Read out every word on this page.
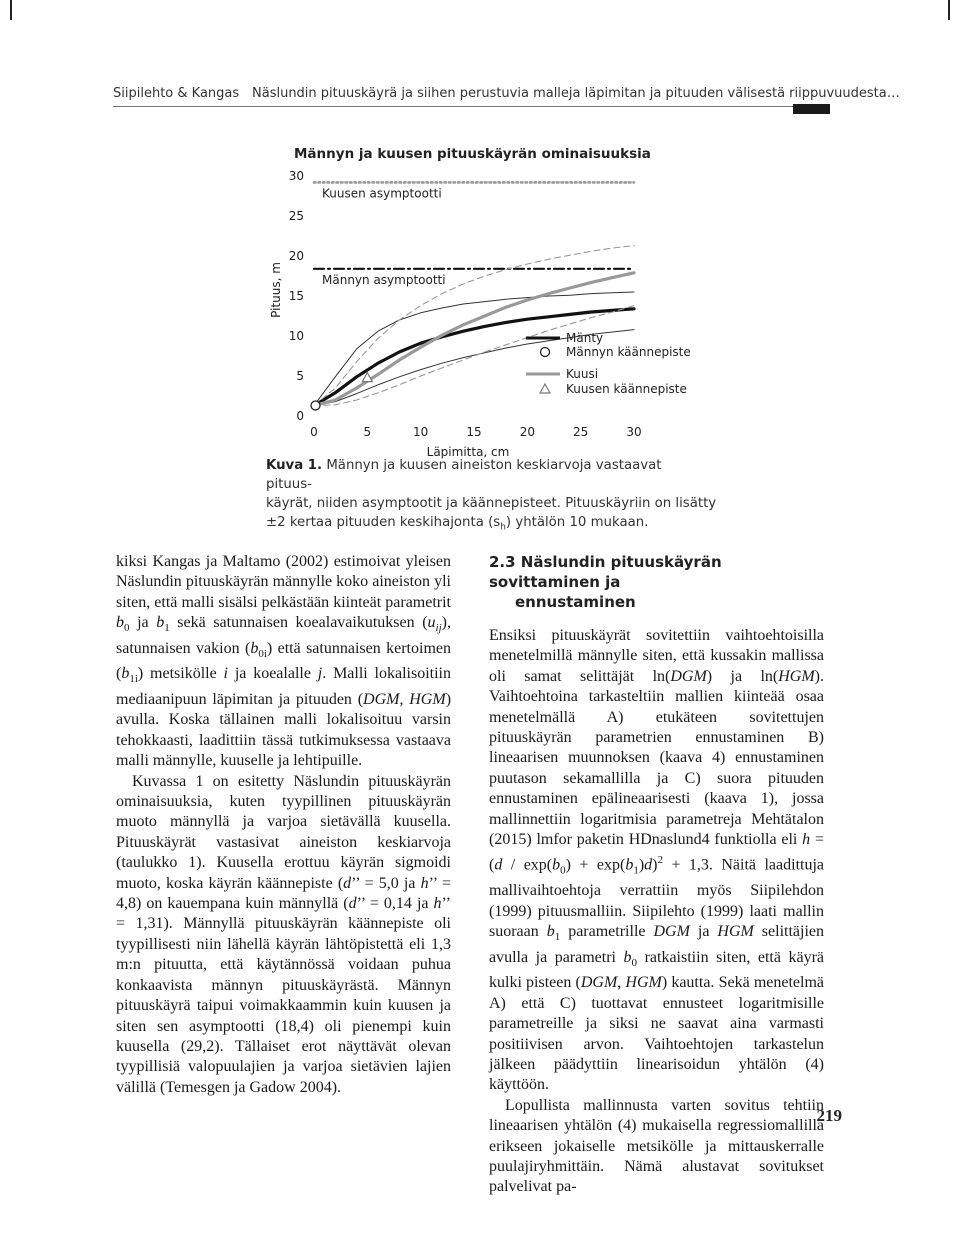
Siipilehto & Kangas Näslundin pituuskäyrä ja siihen perustuvia malleja läpimitan ja pituuden välisestä riippuvuudesta…
Männyn ja kuusen pituuskäyrän ominaisuuksia
0
5
10
15
20
25
30
0	5	10	15	20	25	30
Pituus, m
Läpimitta, cm
Kuusen asymptootti
Männyn asymptootti
Mänty
Männyn käännepiste
Kuusi
Kuusen käännepiste

Kuva 1. Männyn ja kuusen aineiston keskiarvoja vastaavat pituus-

käyrät, niiden asymptootit ja käännepisteet. Pituuskäyriin on lisätty

±2 kertaa pituuden keskihajonta $(s_h)$ yhtälön 10 mukaan.

kiksi Kangas ja Maltamo (2002) estimoivat yleisen Näslundin pituuskäyrän männylle koko aineiston yli siten, että malli sisälsi pelkästään kiinteät parametrit $b_0$ ja $b_1$ sekä satunnaisen koealavaikutuksen $(u_{ij})$, satunnaisen vakion $(b_{0i})$ että satunnaisen kertoimen $(b_{1i})$ metsikölle i ja koealalle j. Malli lokalisoitiin mediaanipuun läpimitan ja pituuden (DGM, HGM) avulla. Koska tällainen malli lokalisoituu varsin tehokkaasti, laadittiin tässä tutkimuksessa vastaava malli männylle, kuuselle ja lehtipuille.

Kuvassa 1 on esitetty Näslundin pituuskäyrän ominaisuuksia, kuten tyypillinen pituuskäyrän muoto männyllä ja varjoa sietävällä kuusella. Pituuskäyrät vastasivat aineiston keskiarvoja (taulukko 1). Kuusella erottuu käyrän sigmoidi muoto, koska käyrän käännepiste (d’’ = 5,0 ja h’’ = 4,8) on kauempana kuin männyllä (d’’ = 0,14 ja h’’ = 1,31). Männyllä pituuskäyrän käännepiste oli tyypillisesti niin lähellä käyrän lähtöpistettä eli 1,3 m:n pituutta, että käytännössä voidaan puhua konkaavista männyn pituuskäyrästä. Männyn pituuskäyrä taipui voimakkaammin kuin kuusen ja siten sen asymptootti (18,4) oli pienempi kuin kuusella (29,2). Tällaiset erot näyttävät olevan tyypillisiä valopuulajien ja varjoa sietävien lajien välillä (Temesgen ja Gadow 2004).

2.3 Näslundin pituuskäyrän sovittaminen ja
ennustaminen

Ensiksi pituuskäyrät sovitettiin vaihtoehtoisilla menetelmillä männylle siten, että kussakin mallissa oli samat selittäjät ln(DGM) ja ln(HGM). Vaihtoehtoina tarkasteltiin mallien kiinteää osaa menetelmällä A) etukäteen sovitettujen pituuskäyrän parametrien ennustaminen B) lineaarisen muunnoksen (kaava 4) ennustaminen puutason sekamallilla ja C) suora pituuden ennustaminen epälineaarisesti (kaava 1), jossa mallinnettiin logaritmisia parametreja Mehtätalon (2015) lmfor paketin HDnaslund4 funktiolla eli $h = (d / \exp(b_0) + \exp(b_1)d)^2 + 1,3$. Näitä laadittuja mallivaihtoehtoja verrattiin myös Siipilehdon (1999) pituusmalliin. Siipilehto (1999) laati mallin suoraan $b_1$ parametrille DGM ja HGM selittäjien avulla ja parametri $b_0$ ratkaistiin siten, että käyrä kulki pisteen (DGM, HGM) kautta. Sekä menetelmä A) että C) tuottavat ennusteet logaritmisille parametreille ja siksi ne saavat aina varmasti positiivisen arvon. Vaihtoehtojen tarkastelun jälkeen päädyttiin linearisoidun yhtälön (4) käyttöön.

Lopullista mallinnusta varten sovitus tehtiin lineaarisen yhtälön (4) mukaisella regressiomallilla erikseen jokaiselle metsikölle ja mittauskerralle puulajiryhmittäin. Nämä alustavat sovitukset palvelivat pa-

219
